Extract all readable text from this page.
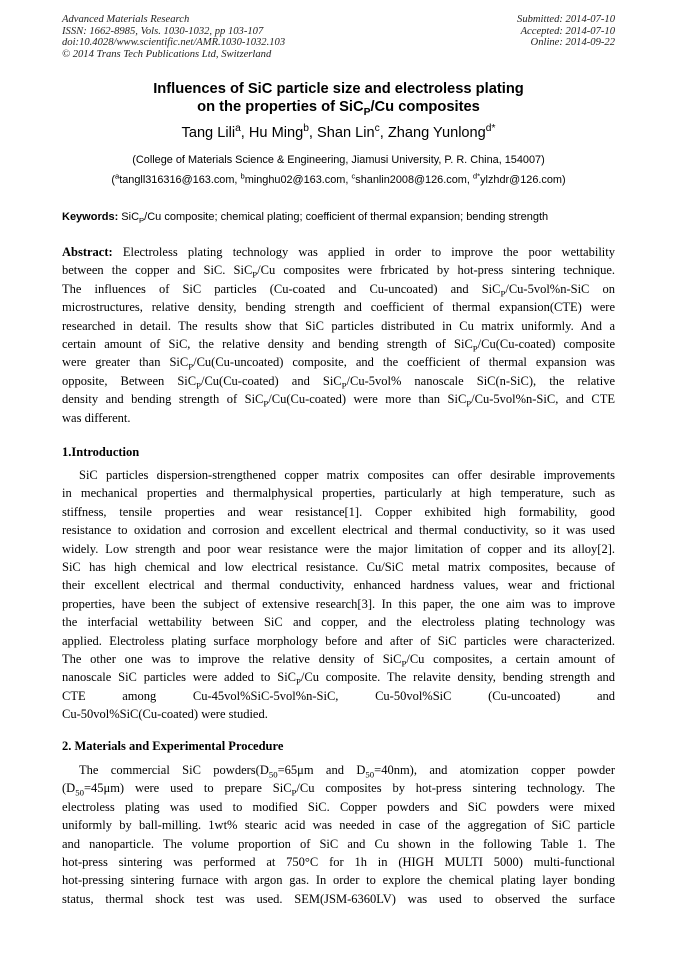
Advanced Materials Research
ISSN: 1662-8985, Vols. 1030-1032, pp 103-107
doi:10.4028/www.scientific.net/AMR.1030-1032.103
© 2014 Trans Tech Publications Ltd, Switzerland
Submitted: 2014-07-10
Accepted: 2014-07-10
Online: 2014-09-22
Influences of SiC particle size and electroless plating
on the properties of SiC$_P$/Cu composites
Tang Lili$^a$, Hu Ming$^b$, Shan Lin$^c$, Zhang Yunlong$^{d*}$
(College of Materials Science & Engineering, Jiamusi University, P. R. China, 154007)
($^a$tangll316316@163.com, $^b$minghu02@163.com, $^c$shanlin2008@126.com, $^{d*}$ylzhdr@126.com)
Keywords: SiC$_P$/Cu composite; chemical plating; coefficient of thermal expansion; bending strength
Abstract: Electroless plating technology was applied in order to improve the poor wettability
between the copper and SiC. SiC$_P$/Cu composites were frbricated by hot-press sintering technique.
The influences of SiC particles (Cu-coated and Cu-uncoated) and SiC$_P$/Cu-5vol%n-SiC on
microstructures, relative density, bending strength and coefficient of thermal expansion(CTE) were
researched in detail. The results show that SiC particles distributed in Cu matrix uniformly. And a
certain amount of SiC, the relative density and bending strength of SiC$_P$/Cu(Cu-coated) composite
were greater than SiC$_P$/Cu(Cu-uncoated) composite, and the coefficient of thermal expansion was
opposite, Between SiC$_P$/Cu(Cu-coated) and SiC$_P$/Cu-5vol% nanoscale SiC(n-SiC), the relative
density and bending strength of SiC$_P$/Cu(Cu-coated) were more than SiC$_P$/Cu-5vol%n-SiC, and CTE
was different.
1.Introduction
SiC particles dispersion-strengthened copper matrix composites can offer desirable improvements
in mechanical properties and thermalphysical properties, particularly at high temperature, such as
stiffness, tensile properties and wear resistance[1]. Copper exhibited high formability, good
resistance to oxidation and corrosion and excellent electrical and thermal conductivity, so it was used
widely. Low strength and poor wear resistance were the major limitation of copper and its alloy[2].
SiC has high chemical and low electrical resistance. Cu/SiC metal matrix composites, because of
their excellent electrical and thermal conductivity, enhanced hardness values, wear and frictional
properties, have been the subject of extensive research[3]. In this paper, the one aim was to improve
the interfacial wettability between SiC and copper, and the electroless plating technology was
applied. Electroless plating surface morphology before and after of SiC particles were characterized.
The other one was to improve the relative density of SiC$_P$/Cu composites, a certain amount of
nanoscale SiC particles were added to SiC$_P$/Cu composite. The relavite density, bending strength and
CTE among Cu-45vol%SiC-5vol%n-SiC, Cu-50vol%SiC (Cu-uncoated) and
Cu-50vol%SiC(Cu-coated) were studied.
2. Materials and Experimental Procedure
The commercial SiC $powders(D_{50}=65\mu m$ and $D_{50}=40nm$), and atomization copper powder
$(D_{50}=45\mu m)$ were used to prepare SiC$_P$/Cu composites by hot-press sintering technology. The
electroless plating was used to modified SiC. Copper powders and SiC powders were mixed
uniformly by ball-milling. 1wt% stearic acid was needed in case of the aggregation of SiC particle
and nanoparticle. The volume proportion of SiC and Cu shown in the following Table 1. The
hot-press sintering was performed at 750°C for 1h in (HIGH MULTI 5000) multi-functional
hot-pressing sintering furnace with argon gas. In order to explore the chemical plating layer bonding
status, thermal shock test was used. SEM(JSM-6360LV) was used to observed the surface
